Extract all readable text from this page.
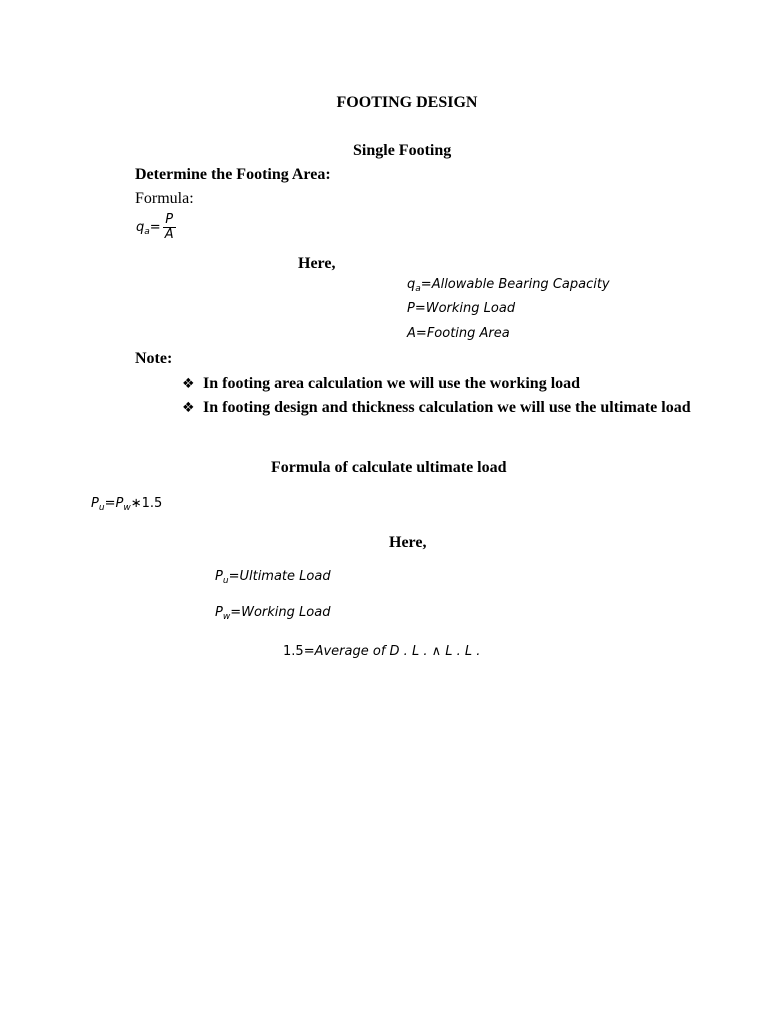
FOOTING DESIGN
Single Footing
Determine the Footing Area:
Formula:
$q_a= \frac{P}{A}$
Here,
$q_a=Allowable$ Bearing Capacity
P=Working Load
A=Footing Area
Note:
❖ In footing area calculation we will use the working load
❖ In footing design and thickness calculation we will use the ultimate load
Formula of calculate ultimate load
$P_u=P_w∗1.5$
Here,
$P_u=Ultimate$ Load
$P_w=Working$ Load
1.5=Average of D . L . ∧ L . L .
